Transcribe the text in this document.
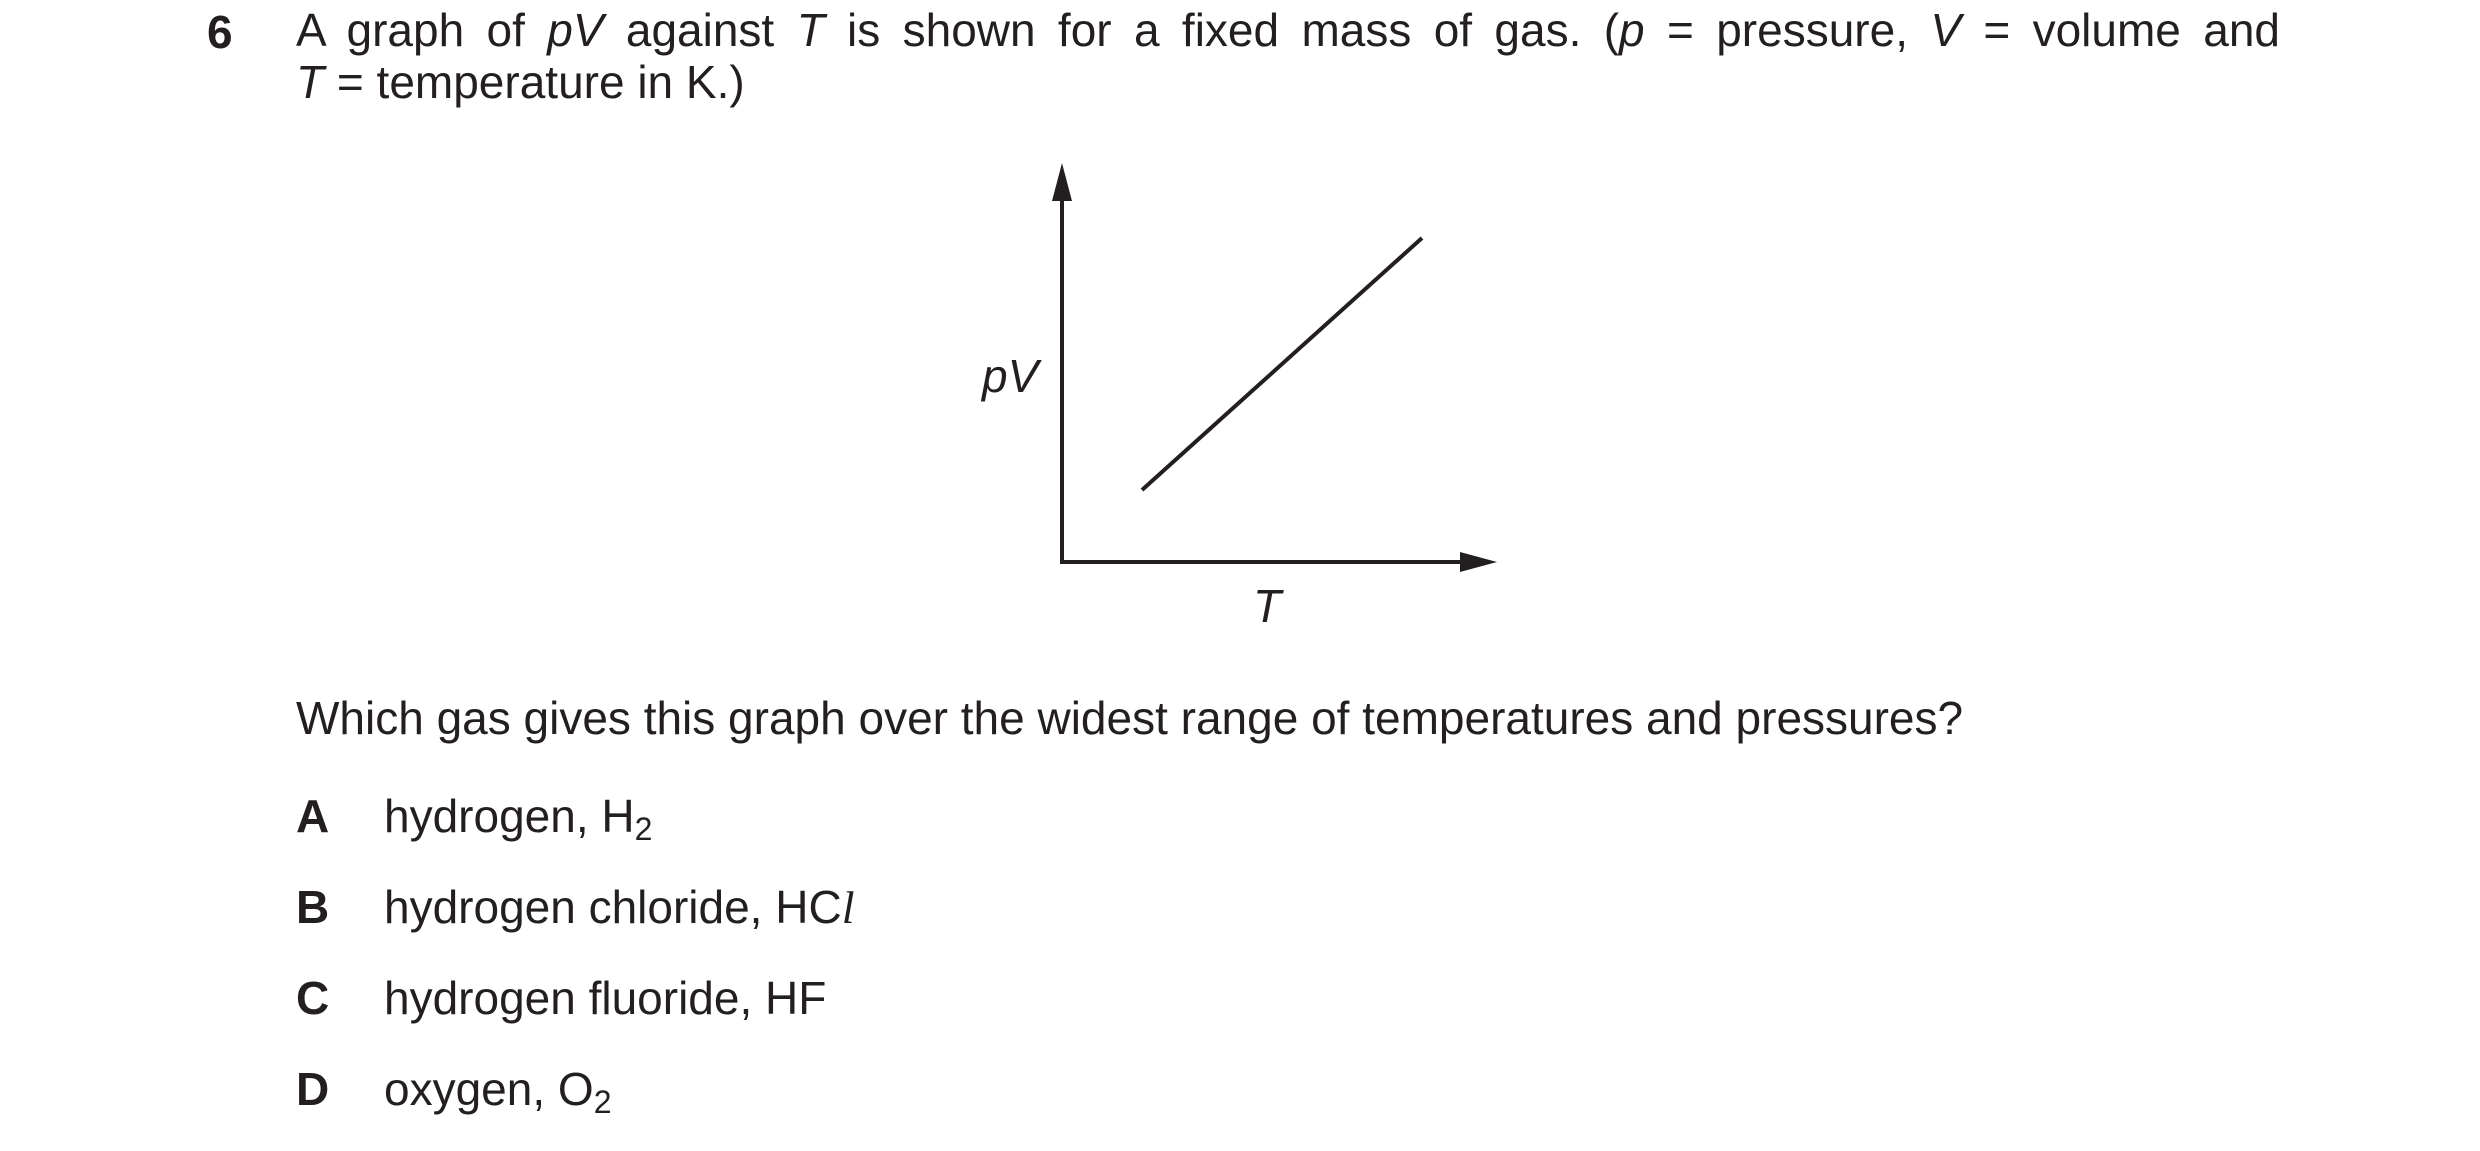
6 A graph of pV against T is shown for a fixed mass of gas. (p = pressure, V = volume and
T = temperature in K.)
pV
T
Which gas gives this graph over the widest range of temperatures and pressures?
A hydrogen, $H_2$
B hydrogen chloride, HCl
C hydrogen fluoride, HF
D oxygen, $O_2$
